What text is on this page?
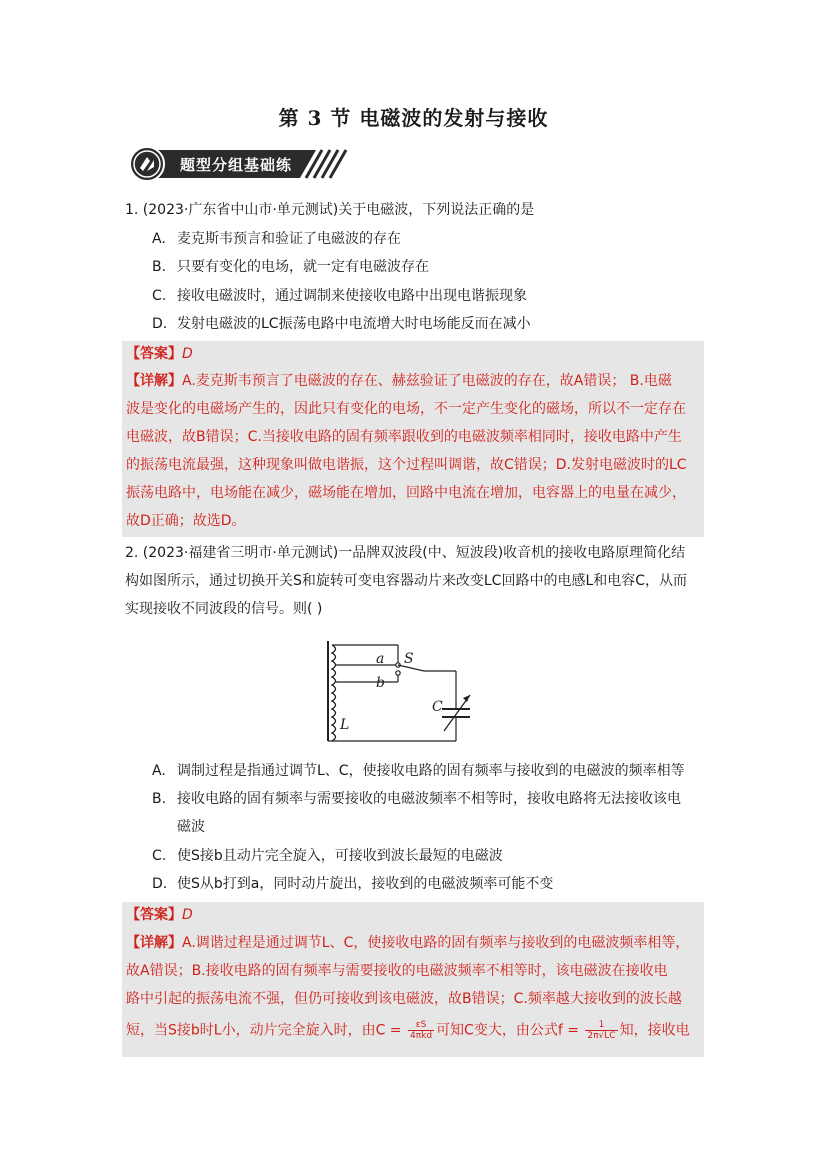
第 3 节 电磁波的发射与接收
题型分组基础练
1. (2023·广东省中山市·单元测试)关于电磁波，下列说法正确的是
A. 麦克斯韦预言和验证了电磁波的存在
B. 只要有变化的电场，就一定有电磁波存在
C. 接收电磁波时，通过调制来使接收电路中出现电谐振现象
D. 发射电磁波的LC振荡电路中电流增大时电场能反而在减小
【答案】D
【详解】A.麦克斯韦预言了电磁波的存在、赫兹验证了电磁波的存在，故A错误； B.电磁
波是变化的电磁场产生的，因此只有变化的电场，不一定产生变化的磁场，所以不一定存在
电磁波，故B错误；C.当接收电路的固有频率跟收到的电磁波频率相同时，接收电路中产生
的振荡电流最强，这种现象叫做电谐振，这个过程叫调谐，故C错误；D.发射电磁波时的LC
振荡电路中，电场能在减少，磁场能在增加，回路中电流在增加，电容器上的电量在减少，
故D正确；故选D。
2. (2023·福建省三明市·单元测试)一品牌双波段(中、短波段)收音机的接收电路原理简化结
构如图所示，通过切换开关S和旋转可变电容器动片来改变LC回路中的电感L和电容C，从而
实现接收不同波段的信号。则( )
a
b
S
C
L
A. 调制过程是指通过调节L、C，使接收电路的固有频率与接收到的电磁波的频率相等
B. 接收电路的固有频率与需要接收的电磁波频率不相等时，接收电路将无法接收该电
磁波
C. 使S接b且动片完全旋入，可接收到波长最短的电磁波
D. 使S从b打到a，同时动片旋出，接收到的电磁波频率可能不变
【答案】D
【详解】A.调谐过程是通过调节L、C，使接收电路的固有频率与接收到的电磁波频率相等，
故A错误；B.接收电路的固有频率与需要接收的电磁波频率不相等时，该电磁波在接收电
路中引起的振荡电流不强，但仍可接收到该电磁波，故B错误；C.频率越大接收到的波长越
短，当S接b时L小，动片完全旋入时，由$C = \frac{\varepsilon S}{\text{4πkd}}$ 可知C变大，由公式$f = \frac{1}{2\pi√LC}$ 知，接收电
